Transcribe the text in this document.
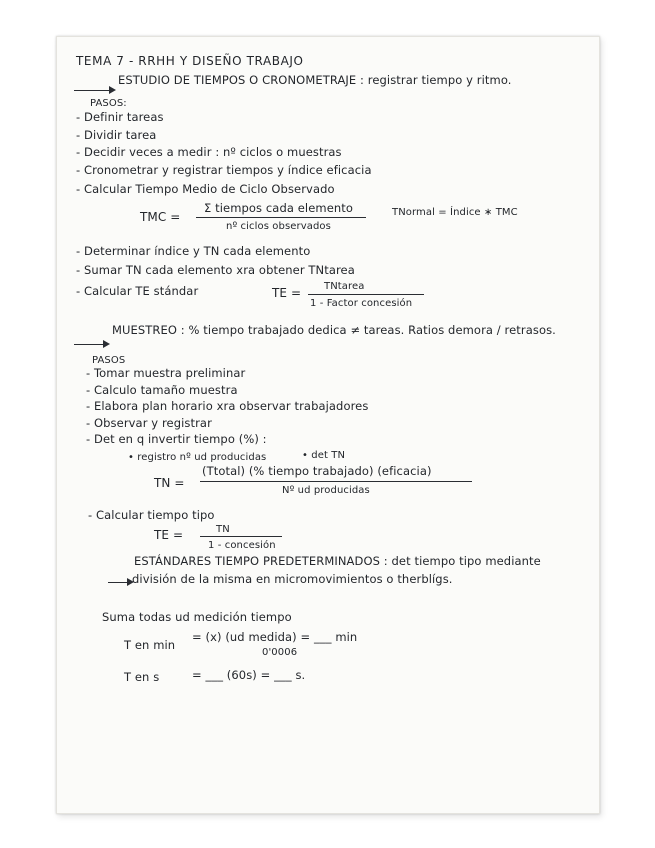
TEMA 7 - RRHH Y DISEÑO TRABAJO
ESTUDIO DE TIEMPOS O CRONOMETRAJE : registrar tiempo y ritmo.
PASOS:
- Definir tareas
- Dividir tarea
- Decidir veces a medir : nº ciclos o muestras
- Cronometrar y registrar tiempos y índice eficacia
- Calcular Tiempo Medio de Ciclo Observado
TMC =
Σ tiempos cada elemento
nº ciclos observados
TNormal = Índice ∗ TMC
- Determinar índice y TN cada elemento
- Sumar TN cada elemento xra obtener TNtarea
- Calcular TE stándar	TE = TNtarea
1 - Factor concesión
MUESTREO : % tiempo trabajado dedica ≠ tareas. Ratios demora / retrasos.
PASOS
- Tomar muestra preliminar
- Calculo tamaño muestra
- Elabora plan horario xra observar trabajadores
- Observar y registrar
- Det en q invertir tiempo (%) :
• registro nº ud producidas	• det TN
TN =
(Ttotal) (% tiempo trabajado) (eficacia)
Nº ud producidas
- Calcular tiempo tipo
TE =	TN
1 - concesión
ESTÁNDARES TIEMPO PREDETERMINADOS : det tiempo tipo mediante
división de la misma en micromovimientos o therblígs.
Suma todas ud medición tiempo
T en min
= (x) (ud medida) = ___ min
0'0006
T en s	= ___ (60s) = ___ s.
